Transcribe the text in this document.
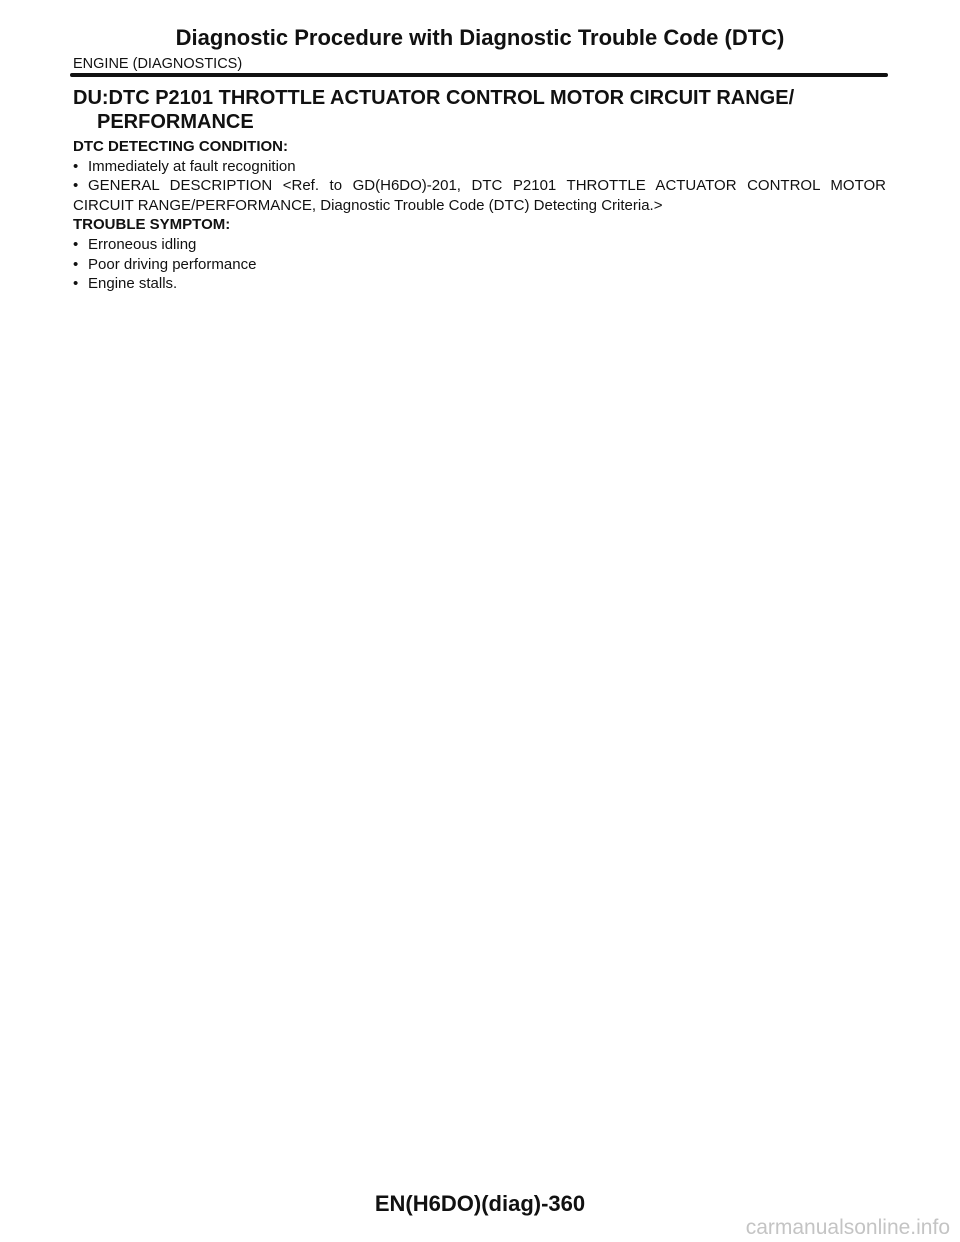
Diagnostic Procedure with Diagnostic Trouble Code (DTC)
ENGINE (DIAGNOSTICS)
DU:DTC P2101 THROTTLE ACTUATOR CONTROL MOTOR CIRCUIT RANGE/ PERFORMANCE
DTC DETECTING CONDITION:
• Immediately at fault recognition
• GENERAL DESCRIPTION <Ref. to GD(H6DO)-201, DTC P2101 THROTTLE ACTUATOR CONTROL MOTOR CIRCUIT RANGE/PERFORMANCE, Diagnostic Trouble Code (DTC) Detecting Criteria.>
TROUBLE SYMPTOM:
• Erroneous idling
• Poor driving performance
• Engine stalls.
EN(H6DO)(diag)-360
carmanualsonline.info
